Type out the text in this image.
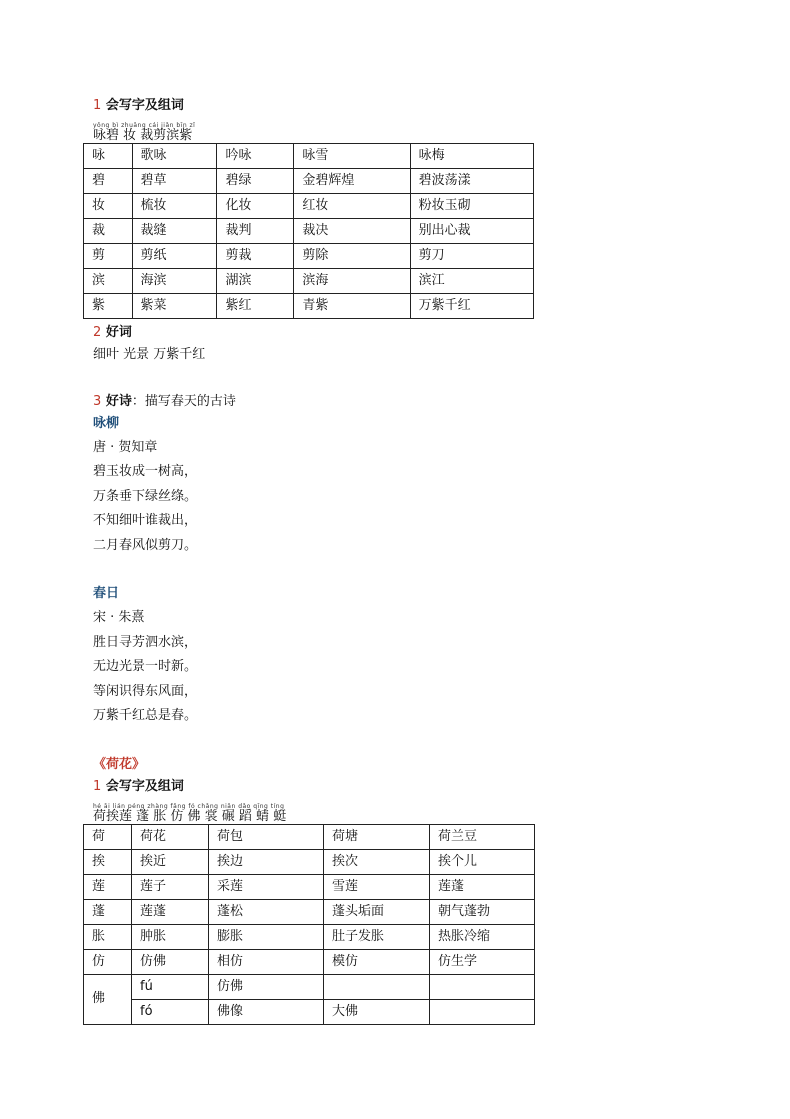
1 会写字及组词
yǒng bì zhuāng cái jiǎn bīn zǐ
咏碧 妆 裁剪滨紫
咏	歌咏	吟咏	咏雪	咏梅
碧	碧草	碧绿	金碧辉煌	碧波荡漾
妆	梳妆	化妆	红妆	粉妆玉砌
裁	裁缝	裁判	裁决	别出心裁
剪	剪纸	剪裁	剪除	剪刀
滨	海滨	湖滨	滨海	滨江
紫	紫菜	紫红	青紫	万紫千红
2 好词

细叶 光景 万紫千红

3 好诗：描写春天的古诗

咏柳

唐 · 贺知章

碧玉妆成一树高，

万条垂下绿丝绦。

不知细叶谁裁出，

二月春风似剪刀。

春日

宋 · 朱熹

胜日寻芳泗水滨，

无边光景一时新。

等闲识得东风面，

万紫千红总是春。

《荷花》

1 会写字及组词
hé āi lián péng zhàng fǎng fó chǎng niǎn dǎo qīng tíng
荷挨莲 蓬 胀 仿 佛 裳 碾 蹈 蜻 蜓
荷	荷花	荷包	荷塘	荷兰豆
挨	挨近	挨边	挨次	挨个儿
莲	莲子	采莲	雪莲	莲蓬
蓬	莲蓬	蓬松	蓬头垢面	朝气蓬勃
胀	肿胀	膨胀	肚子发胀	热胀冷缩
仿	仿佛	相仿	模仿	仿生学
佛	fú	仿佛		
	fó	佛像	大佛	
